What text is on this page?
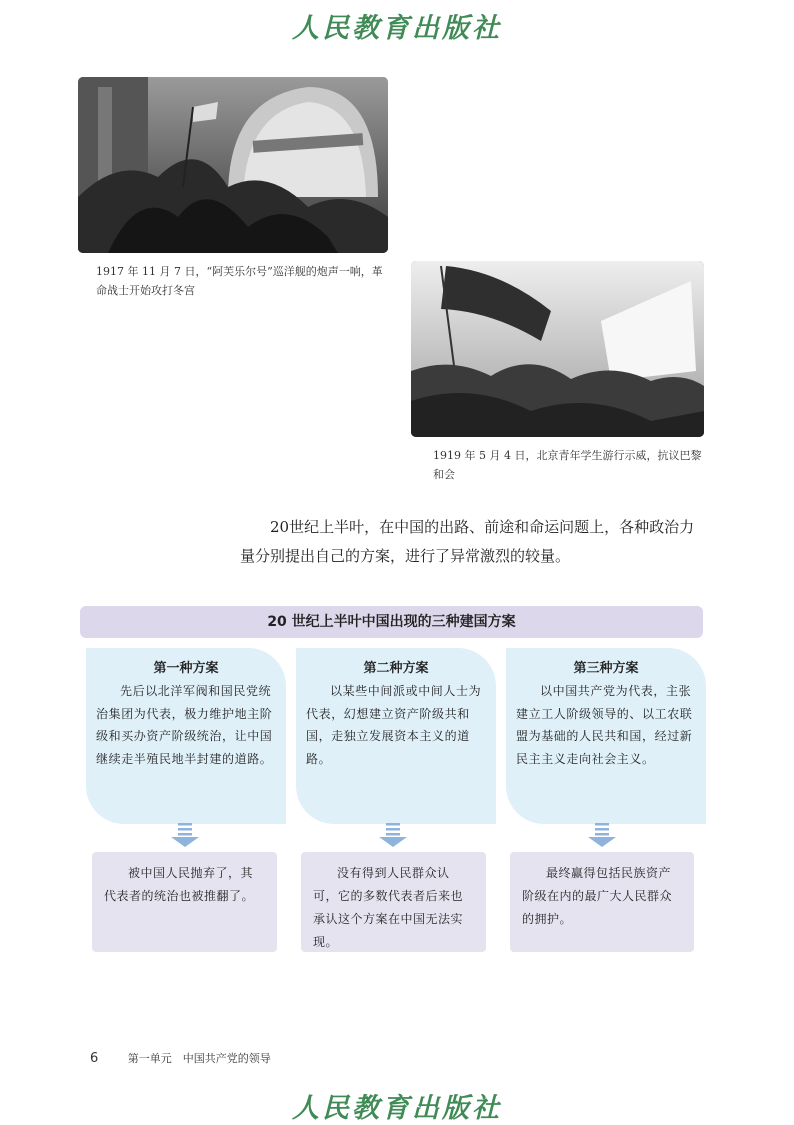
人民教育出版社
1917 年 11 月 7 日，“阿芙乐尔号”巡洋舰的炮声一响，革命战士开始攻打冬宫
1919 年 5 月 4 日，北京青年学生游行示威，抗议巴黎和会
20世纪上半叶，在中国的出路、前途和命运问题上，各种政治力量分别提出自己的方案，进行了异常激烈的较量。
20 世纪上半叶中国出现的三种建国方案
第一种方案
先后以北洋军阀和国民党统治集团为代表，极力维护地主阶级和买办资产阶级统治，让中国继续走半殖民地半封建的道路。
第二种方案
以某些中间派或中间人士为代表，幻想建立资产阶级共和国，走独立发展资本主义的道路。
第三种方案
以中国共产党为代表，主张建立工人阶级领导的、以工农联盟为基础的人民共和国，经过新民主主义走向社会主义。
被中国人民抛弃了，其代表者的统治也被推翻了。
没有得到人民群众认可，它的多数代表者后来也承认这个方案在中国无法实现。
最终赢得包括民族资产阶级在内的最广大人民群众的拥护。
6	第一单元　中国共产党的领导
人民教育出版社
